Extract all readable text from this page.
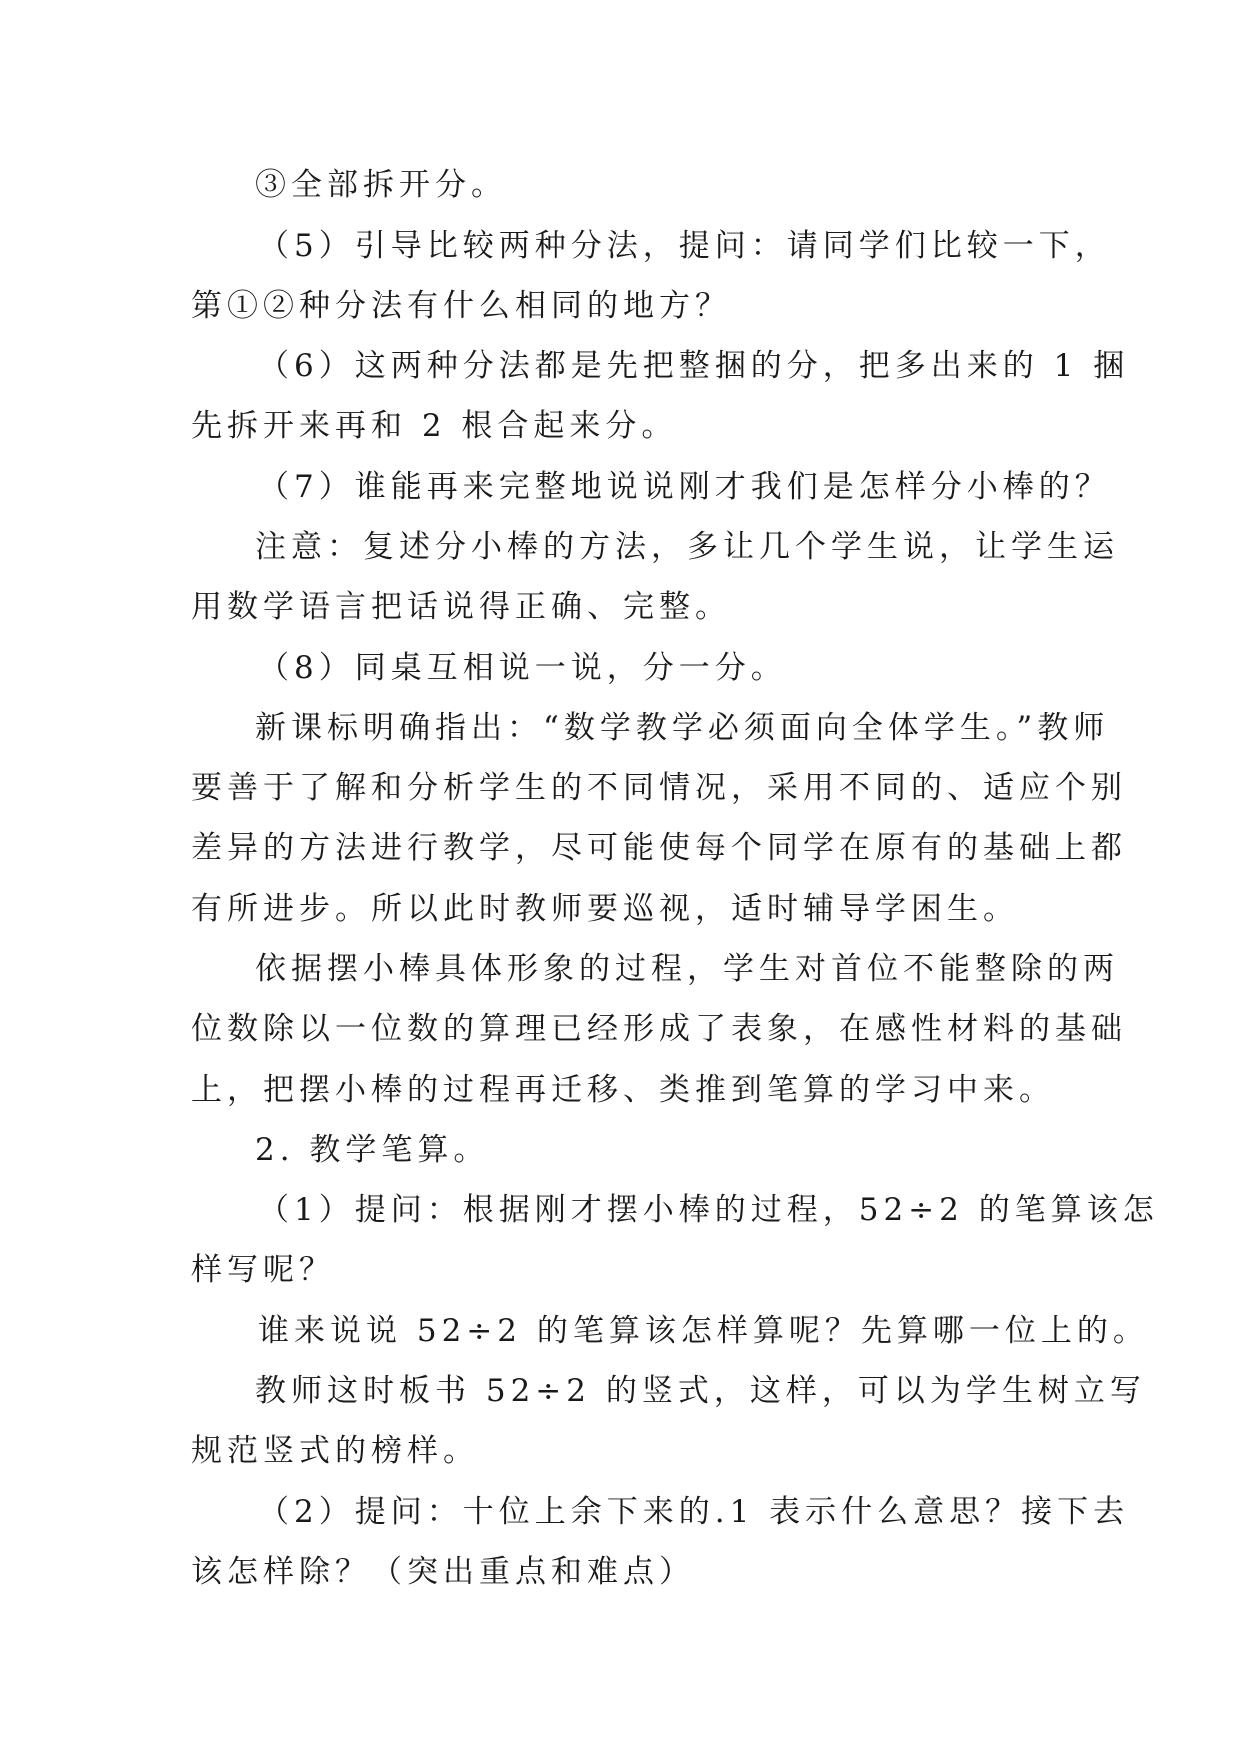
③全部拆开分。
（5）引导比较两种分法，提问：请同学们比较一下，
第①②种分法有什么相同的地方？
（6）这两种分法都是先把整捆的分，把多出来的 1 捆
先拆开来再和 2 根合起来分。
（7）谁能再来完整地说说刚才我们是怎样分小棒的？
注意：复述分小棒的方法，多让几个学生说，让学生运
用数学语言把话说得正确、完整。
（8）同桌互相说一说，分一分。
新课标明确指出：“数学教学必须面向全体学生。”教师
要善于了解和分析学生的不同情况，采用不同的、适应个别
差异的方法进行教学，尽可能使每个同学在原有的基础上都
有所进步。所以此时教师要巡视，适时辅导学困生。
依据摆小棒具体形象的过程，学生对首位不能整除的两
位数除以一位数的算理已经形成了表象，在感性材料的基础
上，把摆小棒的过程再迁移、类推到笔算的学习中来。
2. 教学笔算。
（1）提问：根据刚才摆小棒的过程，52÷2 的笔算该怎
样写呢？
谁来说说 52÷2 的笔算该怎样算呢？先算哪一位上的。
教师这时板书 52÷2 的竖式，这样，可以为学生树立写
规范竖式的榜样。
（2）提问：十位上余下来的.1 表示什么意思？接下去
该怎样除？（突出重点和难点）
